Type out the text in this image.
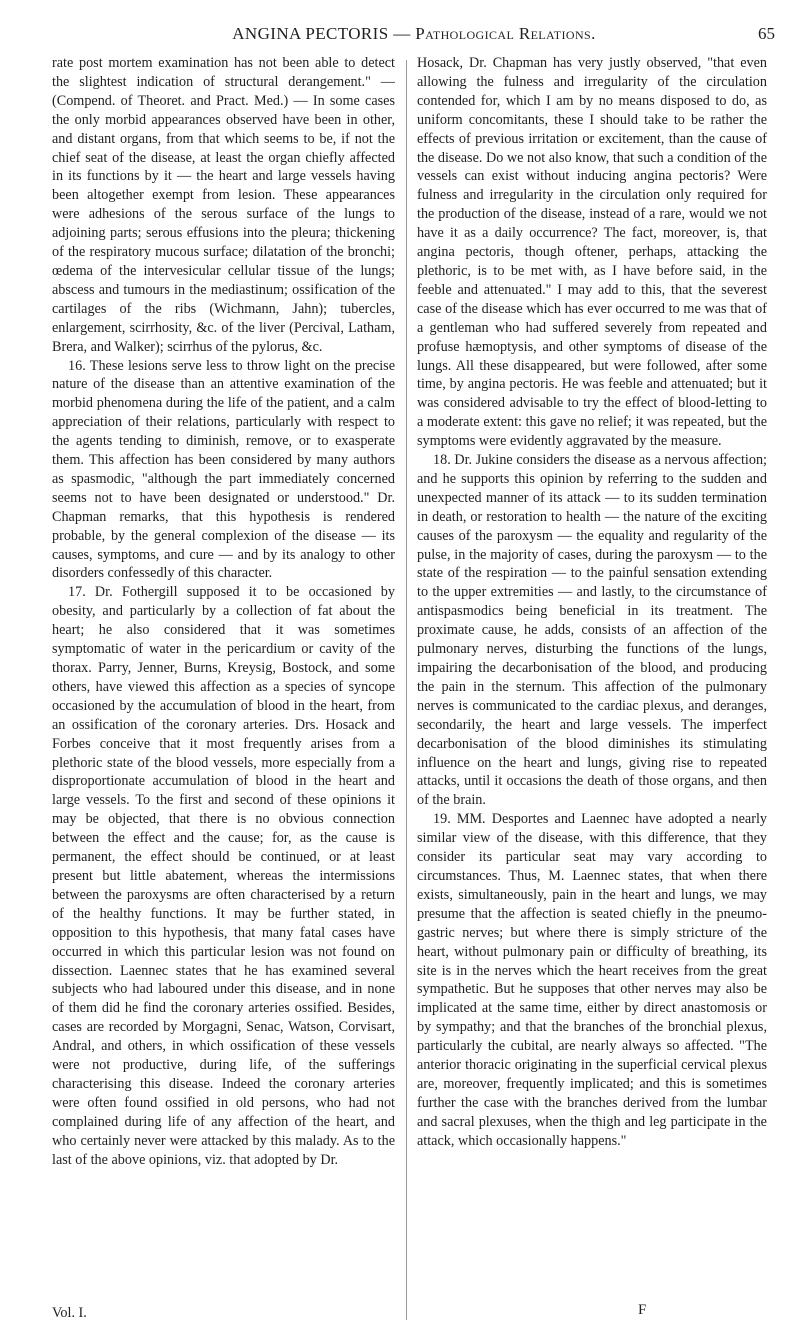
ANGINA PECTORIS — Pathological Relations.	65

rate post mortem examination has not been able to detect the slightest indication of structural derangement." — (Compend. of Theoret. and Pract. Med.) — In some cases the only morbid appearances observed have been in other, and distant organs, from that which seems to be, if not the chief seat of the disease, at least the organ chiefly affected in its functions by it — the heart and large vessels having been altogether exempt from lesion. These appearances were adhesions of the serous surface of the lungs to adjoining parts; serous effusions into the pleura; thickening of the respiratory mucous surface; dilatation of the bronchi; œdema of the intervesicular cellular tissue of the lungs; abscess and tumours in the mediastinum; ossification of the cartilages of the ribs (Wichmann, Jahn); tubercles, enlargement, scirrhosity, &c. of the liver (Percival, Latham, Brera, and Walker); scirrhus of the pylorus, &c.

16. These lesions serve less to throw light on the precise nature of the disease than an attentive examination of the morbid phenomena during the life of the patient, and a calm appreciation of their relations, particularly with respect to the agents tending to diminish, remove, or to exasperate them. This affection has been considered by many authors as spasmodic, "although the part immediately concerned seems not to have been designated or understood." Dr. Chapman remarks, that this hypothesis is rendered probable, by the general complexion of the disease — its causes, symptoms, and cure — and by its analogy to other disorders confessedly of this character.

17. Dr. Fothergill supposed it to be occasioned by obesity, and particularly by a collection of fat about the heart; he also considered that it was sometimes symptomatic of water in the pericardium or cavity of the thorax. Parry, Jenner, Burns, Kreysig, Bostock, and some others, have viewed this affection as a species of syncope occasioned by the accumulation of blood in the heart, from an ossification of the coronary arteries. Drs. Hosack and Forbes conceive that it most frequently arises from a plethoric state of the blood vessels, more especially from a disproportionate accumulation of blood in the heart and large vessels. To the first and second of these opinions it may be objected, that there is no obvious connection between the effect and the cause; for, as the cause is permanent, the effect should be continued, or at least present but little abatement, whereas the intermissions between the paroxysms are often characterised by a return of the healthy functions. It may be further stated, in opposition to this hypothesis, that many fatal cases have occurred in which this particular lesion was not found on dissection. Laennec states that he has examined several subjects who had laboured under this disease, and in none of them did he find the coronary arteries ossified. Besides, cases are recorded by Morgagni, Senac, Watson, Corvisart, Andral, and others, in which ossification of these vessels were not productive, during life, of the sufferings characterising this disease. Indeed the coronary arteries were often found ossified in old persons, who had not complained during life of any affection of the heart, and who certainly never were attacked by this malady. As to the last of the above opinions, viz. that adopted by Dr.

Hosack, Dr. Chapman has very justly observed, "that even allowing the fulness and irregularity of the circulation contended for, which I am by no means disposed to do, as uniform concomitants, these I should take to be rather the effects of previous irritation or excitement, than the cause of the disease. Do we not also know, that such a condition of the vessels can exist without inducing angina pectoris? Were fulness and irregularity in the circulation only required for the production of the disease, instead of a rare, would we not have it as a daily occurrence? The fact, moreover, is, that angina pectoris, though oftener, perhaps, attacking the plethoric, is to be met with, as I have before said, in the feeble and attenuated." I may add to this, that the severest case of the disease which has ever occurred to me was that of a gentleman who had suffered severely from repeated and profuse hæmoptysis, and other symptoms of disease of the lungs. All these disappeared, but were followed, after some time, by angina pectoris. He was feeble and attenuated; but it was considered advisable to try the effect of blood-letting to a moderate extent: this gave no relief; it was repeated, but the symptoms were evidently aggravated by the measure.

18. Dr. Jukine considers the disease as a nervous affection; and he supports this opinion by referring to the sudden and unexpected manner of its attack — to its sudden termination in death, or restoration to health — the nature of the exciting causes of the paroxysm — the equality and regularity of the pulse, in the majority of cases, during the paroxysm — to the state of the respiration — to the painful sensation extending to the upper extremities — and lastly, to the circumstance of antispasmodics being beneficial in its treatment. The proximate cause, he adds, consists of an affection of the pulmonary nerves, disturbing the functions of the lungs, impairing the decarbonisation of the blood, and producing the pain in the sternum. This affection of the pulmonary nerves is communicated to the cardiac plexus, and deranges, secondarily, the heart and large vessels. The imperfect decarbonisation of the blood diminishes its stimulating influence on the heart and lungs, giving rise to repeated attacks, until it occasions the death of those organs, and then of the brain.

19. MM. Desportes and Laennec have adopted a nearly similar view of the disease, with this difference, that they consider its particular seat may vary according to circumstances. Thus, M. Laennec states, that when there exists, simultaneously, pain in the heart and lungs, we may presume that the affection is seated chiefly in the pneumo-gastric nerves; but where there is simply stricture of the heart, without pulmonary pain or difficulty of breathing, its site is in the nerves which the heart receives from the great sympathetic. But he supposes that other nerves may also be implicated at the same time, either by direct anastomosis or by sympathy; and that the branches of the bronchial plexus, particularly the cubital, are nearly always so affected. "The anterior thoracic originating in the superficial cervical plexus are, moreover, frequently implicated; and this is sometimes further the case with the branches derived from the lumbar and sacral plexuses, when the thigh and leg participate in the attack, which occasionally happens."

Vol. I.	F
